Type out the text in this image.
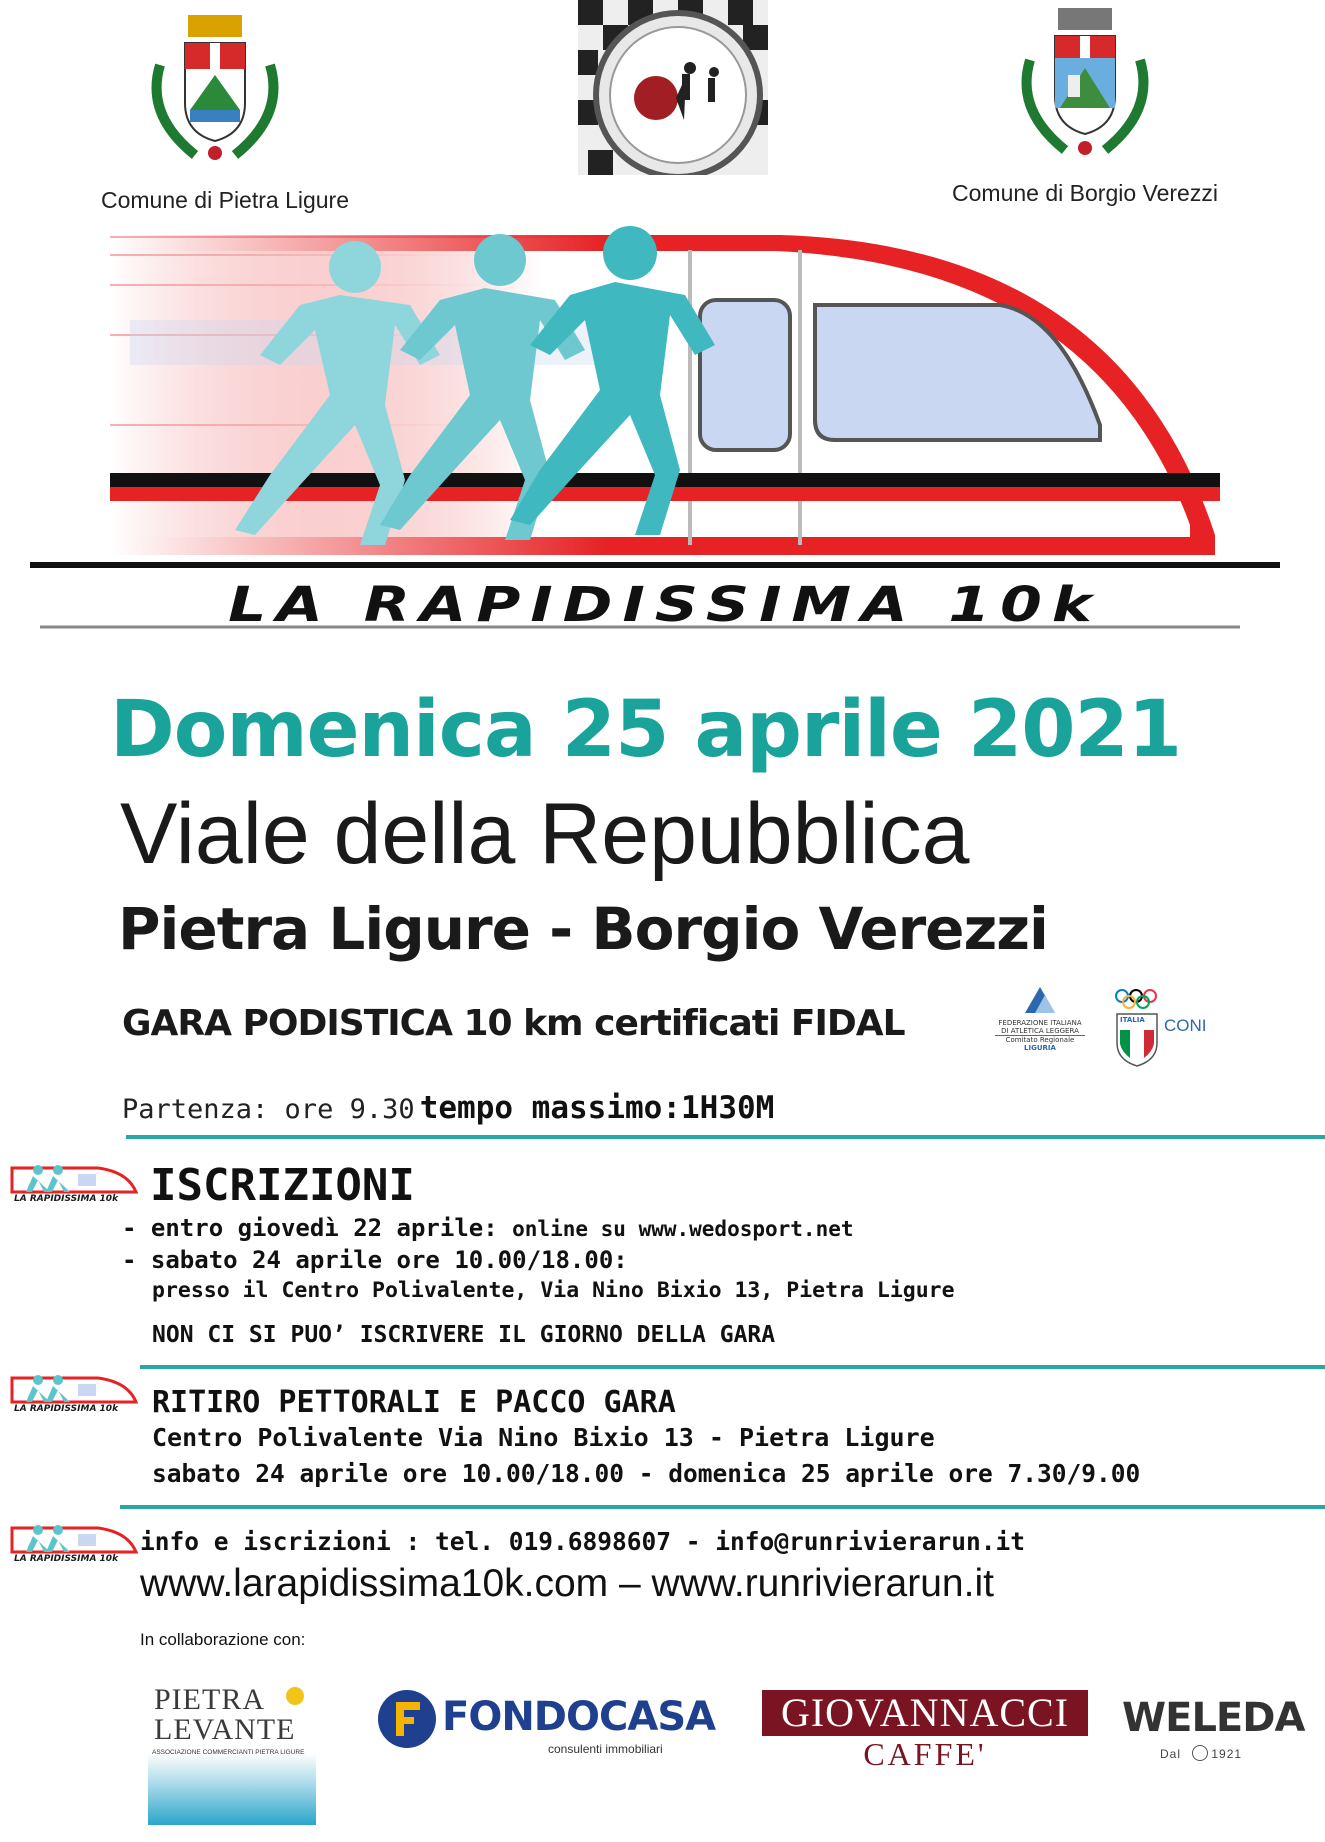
Comune di Pietra Ligure	Comune di Borgio Verezzi
LA RAPIDISSIMA 10k
Domenica 25 aprile 2021
Viale della Repubblica
Pietra Ligure - Borgio Verezzi
GARA PODISTICA 10 km certificati FIDAL	FEDERAZIONE ITALIANA
DI ATLETICA LEGGERA
Comitato Regionale LIGURIA
ITALIA CONI
Partenza: ore 9.30 tempo massimo:1H30M
LA RAPIDISSIMA 10k ISCRIZIONI
- entro giovedì 22 aprile: online su www.wedosport.net
- sabato 24 aprile ore 10.00/18.00:
presso il Centro Polivalente, Via Nino Bixio 13, Pietra Ligure
NON CI SI PUO’ ISCRIVERE IL GIORNO DELLA GARA
LA RAPIDISSIMA 10k RITIRO PETTORALI E PACCO GARA
Centro Polivalente Via Nino Bixio 13 - Pietra Ligure
sabato 24 aprile ore 10.00/18.00 - domenica 25 aprile ore 7.30/9.00
LA RAPIDISSIMA 10k
info e iscrizioni : tel. 019.6898607 - info@runrivierarun.it
www.larapidissima10k.com – www.runrivierarun.it
In collaborazione con:
PIETRA
LEVANTE
ASSOCIAZIONE COMMERCIANTI PIETRA LIGURE
FONDOCASA
consulenti immobiliari
GIOVANNACCI
CAFFE'
WELEDA
Dal 1921
